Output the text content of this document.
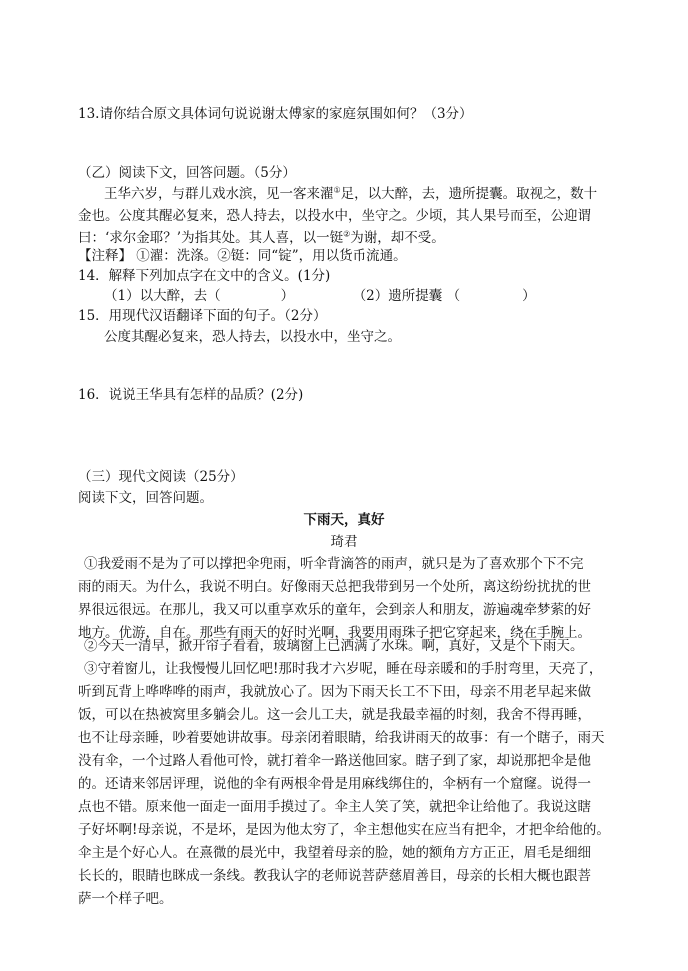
13.请你结合原文具体词句说说谢太傅家的家庭氛围如何？（3分）
（乙）阅读下文，回答问题。（5分）
王华六岁，与群儿戏水滨，见一客来濯①足，以大醉，去，遗所提囊。取视之，数十
金也。公度其醒必复来，恐人持去，以投水中，坐守之。少顷，其人果号而至，公迎谓
曰：‘求尔金耶？’为指其处。其人喜，以一铤②为谢，却不受。
【注释】 ①濯：洗涤。②铤：同“锭”，用以货币流通。
14．解释下列加点字在文中的含义。(1分)
（1）以大醉，去（	）	（2）遗所提囊 （	）
15．用现代汉语翻译下面的句子。（2分）
公度其醒必复来，恐人持去，以投水中，坐守之。
16．说说王华具有怎样的品质？(2分)
（三）现代文阅读（25分）
阅读下文，回答问题。
下雨天，真好
琦君
①我爱雨不是为了可以撑把伞兜雨，听伞背滴答的雨声，就只是为了喜欢那个下不完
雨的雨天。为什么，我说不明白。好像雨天总把我带到另一个处所，离这纷纷扰扰的世
界很远很远。在那儿，我又可以重享欢乐的童年，会到亲人和朋友，游遍魂牵梦萦的好
地方。优游，自在。那些有雨天的好时光啊，我要用雨珠子把它穿起来，绕在手腕上。
②今天一清早，掀开帘子看看，玻璃窗上已洒满了水珠。啊，真好，又是个下雨天。
③守着窗儿，让我慢慢儿回忆吧!那时我才六岁呢，睡在母亲暖和的手肘弯里，天亮了，
听到瓦背上哗哗哗的雨声，我就放心了。因为下雨天长工不下田，母亲不用老早起来做
饭，可以在热被窝里多躺会儿。这一会儿工夫，就是我最幸福的时刻，我舍不得再睡，
也不让母亲睡，吵着要她讲故事。母亲闭着眼睛，给我讲雨天的故事：有一个瞎子，雨天
没有伞，一个过路人看他可怜，就打着伞一路送他回家。瞎子到了家，却说那把伞是他
的。还请来邻居评理，说他的伞有两根伞骨是用麻线绑住的，伞柄有一个窟窿。说得一
点也不错。原来他一面走一面用手摸过了。伞主人笑了笑，就把伞让给他了。我说这瞎
子好坏啊!母亲说，不是坏，是因为他太穷了，伞主想他实在应当有把伞，才把伞给他的。
伞主是个好心人。在熹微的晨光中，我望着母亲的脸，她的额角方方正正，眉毛是细细
长长的，眼睛也眯成一条线。教我认字的老师说菩萨慈眉善目，母亲的长相大概也跟菩
萨一个样子吧。
